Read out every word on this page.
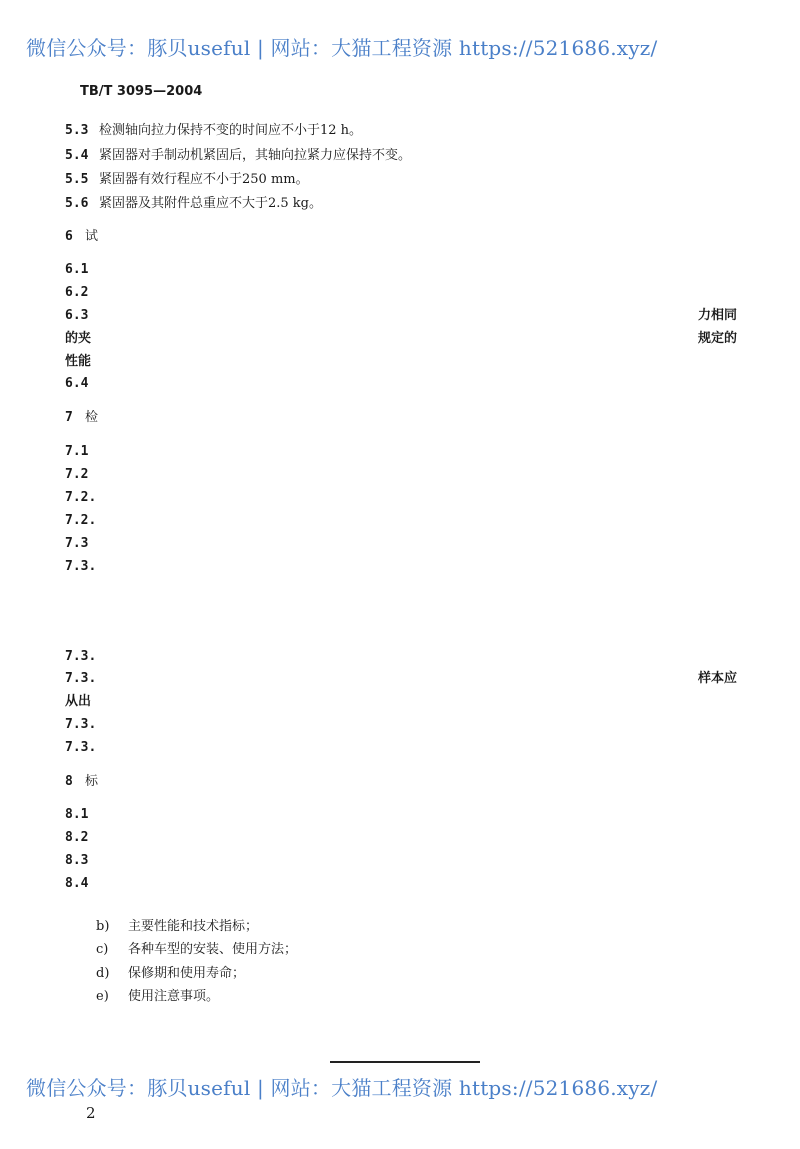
微信公众号：豚贝useful | 网站：大猫工程资源 https://521686.xyz/
TB/T 3095—2004
5.3 检测轴向拉力保持不变的时间应不小于12 h。
5.4 紧固器对手制动机紧固后，其轴向拉紧力应保持不变。
5.5 紧固器有效行程应不小于250 mm。
5.6 紧固器及其附件总重应不大于2.5 kg。
6 试
6.1
6.2
6.3	力相同
的夹	规定的
性能
6.4
7 检
7.1
7.2
7.2.
7.2.
7.3
7.3.
7.3.
7.3.	样本应
从出
7.3.
7.3.
8 标
8.1
8.2
8.3
8.4
b) 主要性能和技术指标；
c) 各种车型的安装、使用方法；
d) 保修期和使用寿命；
e) 使用注意事项。
微信公众号：豚贝useful | 网站：大猫工程资源 https://521686.xyz/
2
